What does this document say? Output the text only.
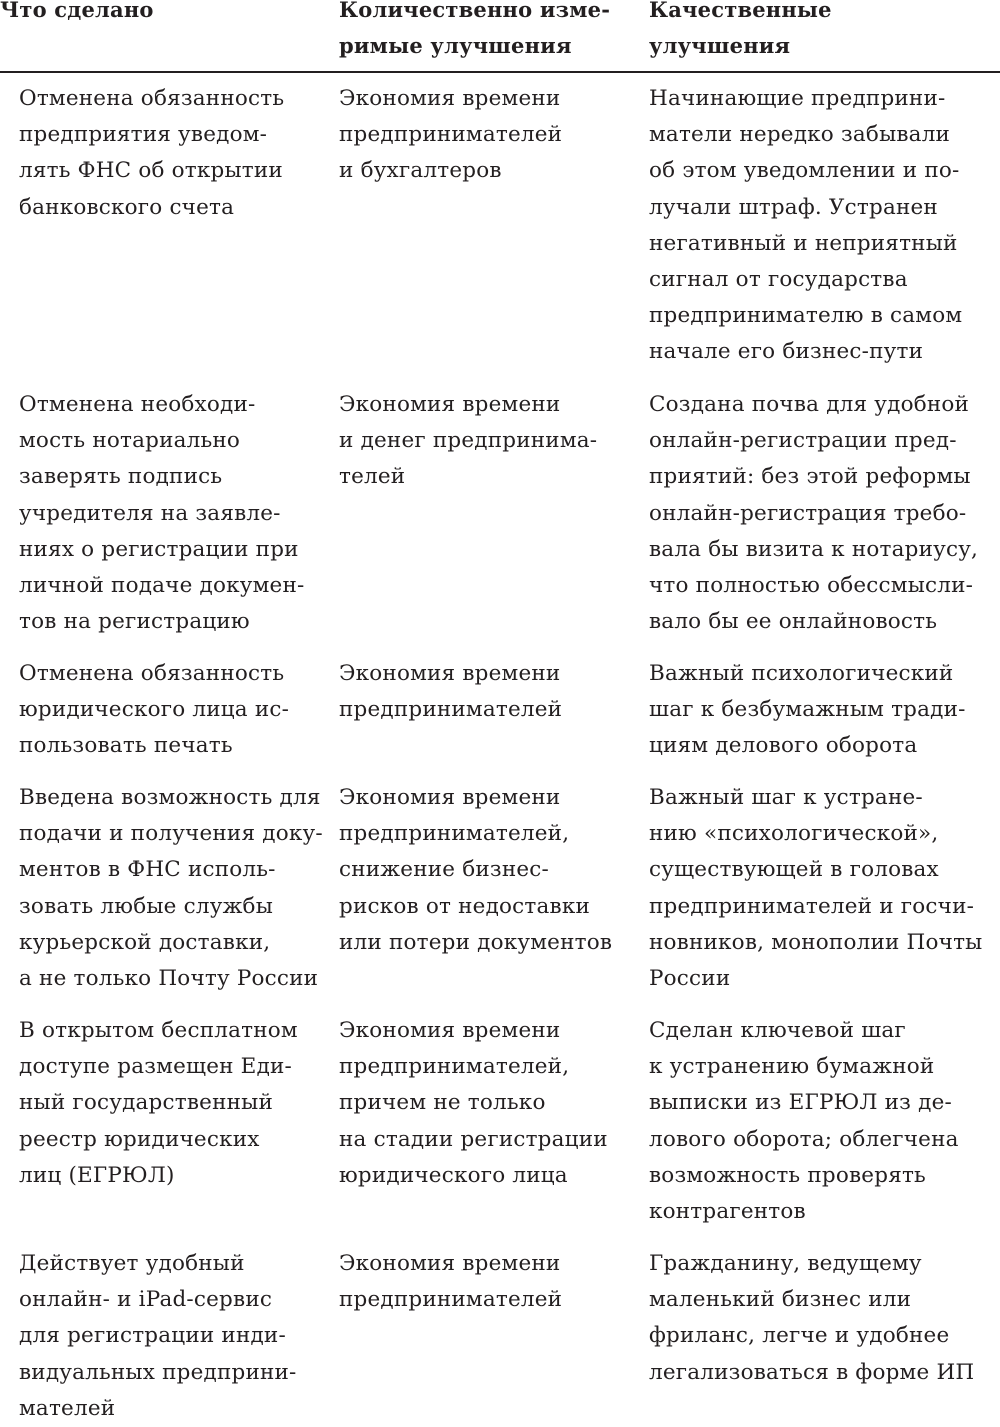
Что сделано	Количественно изме-
римые улучшения
Качественные
улучшения
Отменена обязанность
предприятия уведом-
лять ФНС об открытии
банковского счета
Экономия времени
предпринимателей
и бухгалтеров
Начинающие предприни-
матели нередко забывали
об этом уведомлении и по-
лучали штраф. Устранен
негативный и неприятный
сигнал от государства
предпринимателю в самом
начале его бизнес-пути
Отменена необходи-
мость нотариально
заверять подпись
учредителя на заявле-
ниях о регистрации при
личной подаче докумен-
тов на регистрацию
Экономия времени
и денег предпринима-
телей
Создана почва для удобной
онлайн-регистрации пред-
приятий: без этой реформы
онлайн-регистрация требо-
вала бы визита к нотариусу,
что полностью обессмысли-
вало бы ее онлайновость
Отменена обязанность
юридического лица ис-
пользовать печать
Экономия времени
предпринимателей
Важный психологический
шаг к безбумажным тради-
циям делового оборота
Введена возможность для
подачи и получения доку-
ментов в ФНС исполь-
зовать любые службы
курьерской доставки,
а не только Почту России
Экономия времени
предпринимателей,
снижение бизнес-
рисков от недоставки
или потери документов
Важный шаг к устране-
нию «психологической»,
существующей в головах
предпринимателей и госчи-
новников, монополии Почты
России
В открытом бесплатном
доступе размещен Еди-
ный государственный
реестр юридических
лиц (ЕГРЮЛ)
Экономия времени
предпринимателей,
причем не только
на стадии регистрации
юридического лица
Сделан ключевой шаг
к устранению бумажной
выписки из ЕГРЮЛ из де-
лового оборота; облегчена
возможность проверять
контрагентов
Действует удобный
онлайн- и iPad-сервис
для регистрации инди-
видуальных предприни-
мателей
Экономия времени
предпринимателей
Гражданину, ведущему
маленький бизнес или
фриланс, легче и удобнее
легализоваться в форме ИП
